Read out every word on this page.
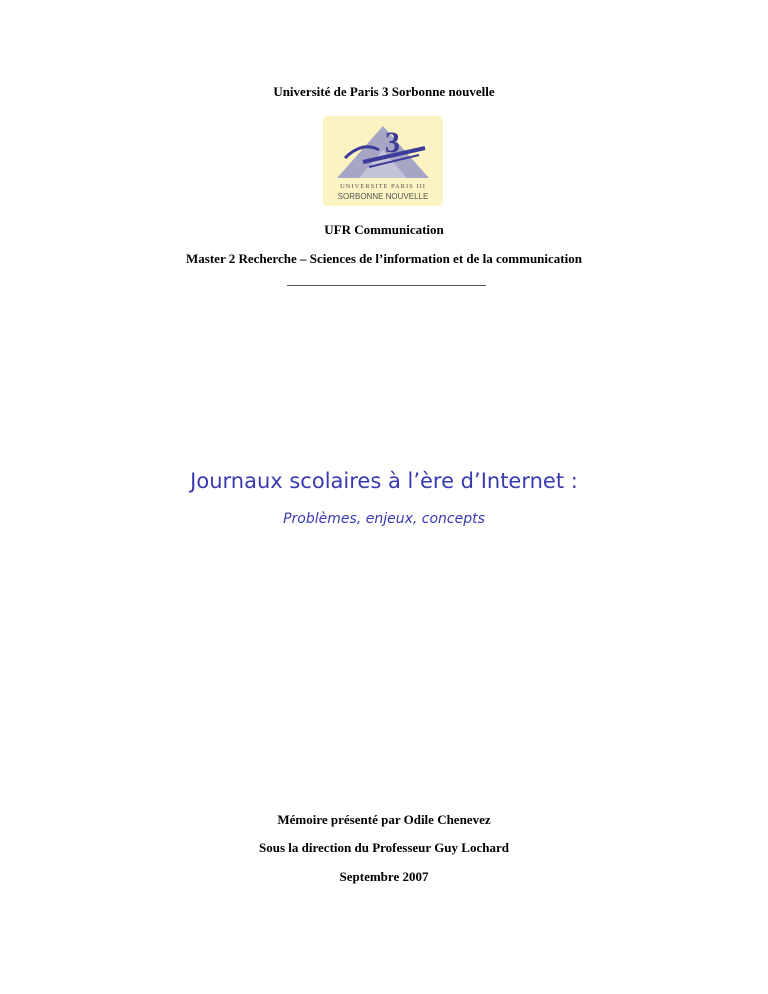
Université de Paris 3 Sorbonne nouvelle
3
UNIVERSITE PARIS III
SORBONNE NOUVELLE
UFR Communication
Master 2 Recherche – Sciences de l’information et de la communication
Journaux scolaires à l’ère d’Internet :
Problèmes, enjeux, concepts
Mémoire présenté par Odile Chenevez
Sous la direction du Professeur Guy Lochard
Septembre 2007
